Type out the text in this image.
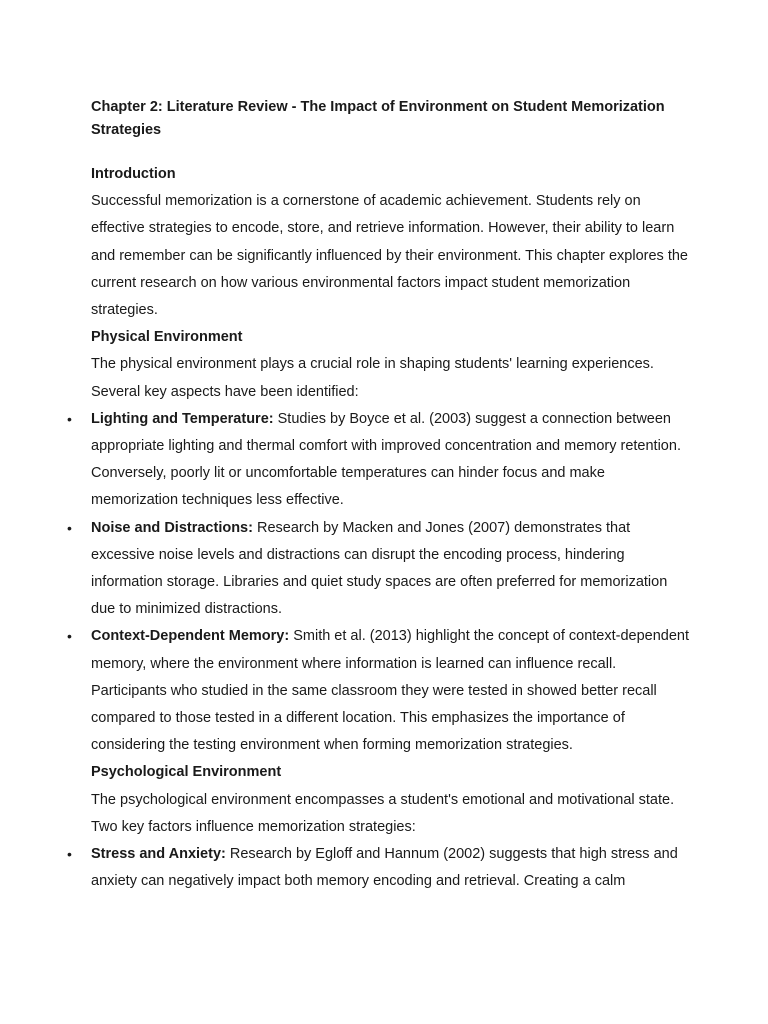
Chapter 2: Literature Review - The Impact of Environment on Student Memorization Strategies
Introduction

Successful memorization is a cornerstone of academic achievement. Students rely on effective strategies to encode, store, and retrieve information. However, their ability to learn and remember can be significantly influenced by their environment. This chapter explores the current research on how various environmental factors impact student memorization strategies.

Physical Environment

The physical environment plays a crucial role in shaping students' learning experiences. Several key aspects have been identified:

• Lighting and Temperature: Studies by Boyce et al. (2003) suggest a connection between appropriate lighting and thermal comfort with improved concentration and memory retention. Conversely, poorly lit or uncomfortable temperatures can hinder focus and make memorization techniques less effective.
• Noise and Distractions: Research by Macken and Jones (2007) demonstrates that excessive noise levels and distractions can disrupt the encoding process, hindering information storage. Libraries and quiet study spaces are often preferred for memorization due to minimized distractions.
• Context-Dependent Memory: Smith et al. (2013) highlight the concept of context-dependent memory, where the environment where information is learned can influence recall. Participants who studied in the same classroom they were tested in showed better recall compared to those tested in a different location. This emphasizes the importance of considering the testing environment when forming memorization strategies.
Psychological Environment

The psychological environment encompasses a student's emotional and motivational state. Two key factors influence memorization strategies:

• Stress and Anxiety: Research by Egloff and Hannum (2002) suggests that high stress and anxiety can negatively impact both memory encoding and retrieval. Creating a calm
